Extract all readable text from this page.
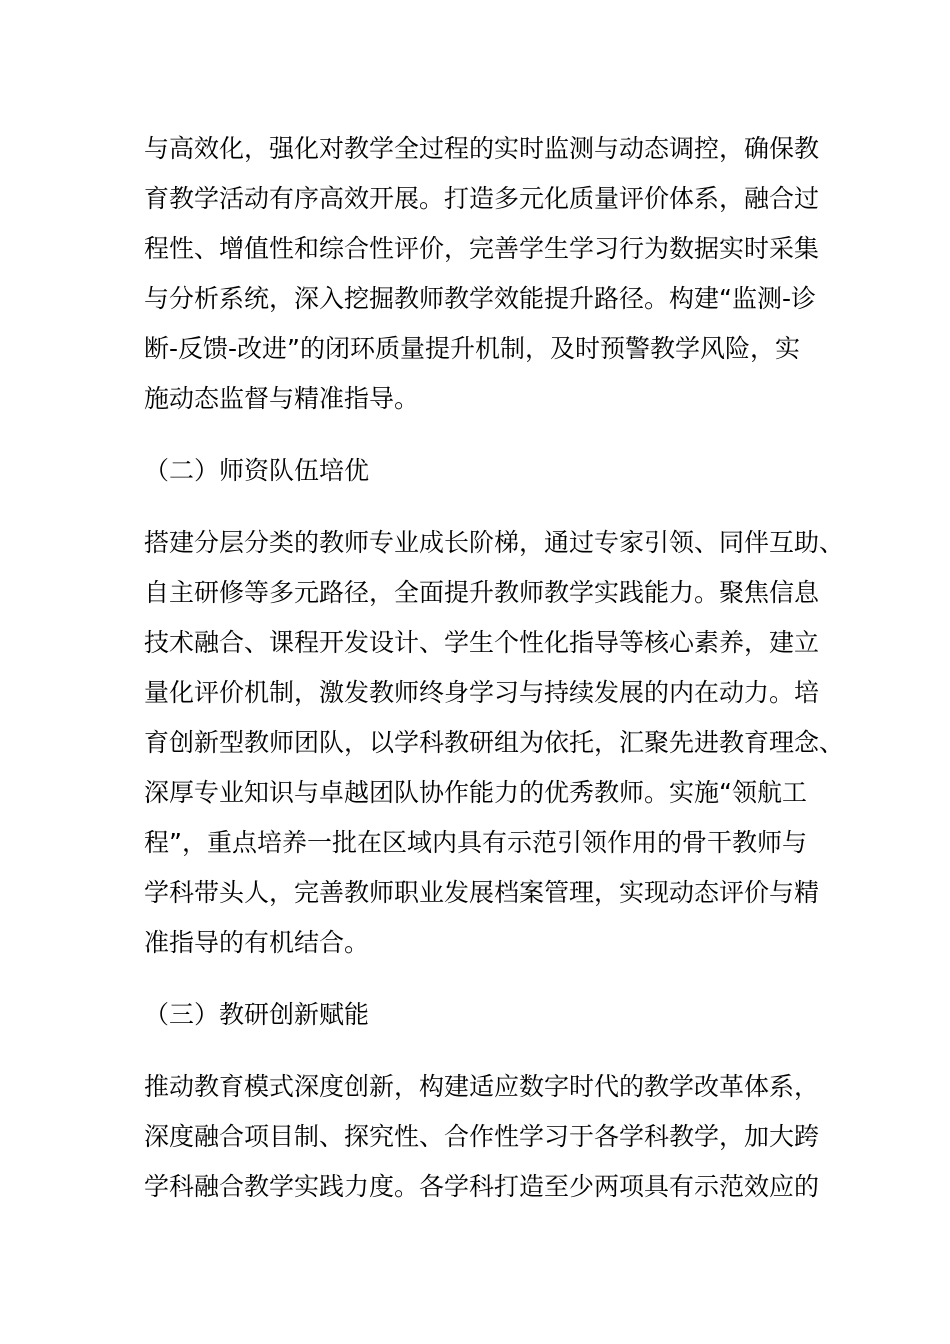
与高效化，强化对教学全过程的实时监测与动态调控，确保教
育教学活动有序高效开展。打造多元化质量评价体系，融合过
程性、增值性和综合性评价，完善学生学习行为数据实时采集
与分析系统，深入挖掘教师教学效能提升路径。构建“监测-诊
断-反馈-改进”的闭环质量提升机制，及时预警教学风险，实
施动态监督与精准指导。
（二）师资队伍培优
搭建分层分类的教师专业成长阶梯，通过专家引领、同伴互助、
自主研修等多元路径，全面提升教师教学实践能力。聚焦信息
技术融合、课程开发设计、学生个性化指导等核心素养，建立
量化评价机制，激发教师终身学习与持续发展的内在动力。培
育创新型教师团队，以学科教研组为依托，汇聚先进教育理念、
深厚专业知识与卓越团队协作能力的优秀教师。实施“领航工
程”，重点培养一批在区域内具有示范引领作用的骨干教师与
学科带头人，完善教师职业发展档案管理，实现动态评价与精
准指导的有机结合。
（三）教研创新赋能
推动教育模式深度创新，构建适应数字时代的教学改革体系，
深度融合项目制、探究性、合作性学习于各学科教学，加大跨
学科融合教学实践力度。各学科打造至少两项具有示范效应的
